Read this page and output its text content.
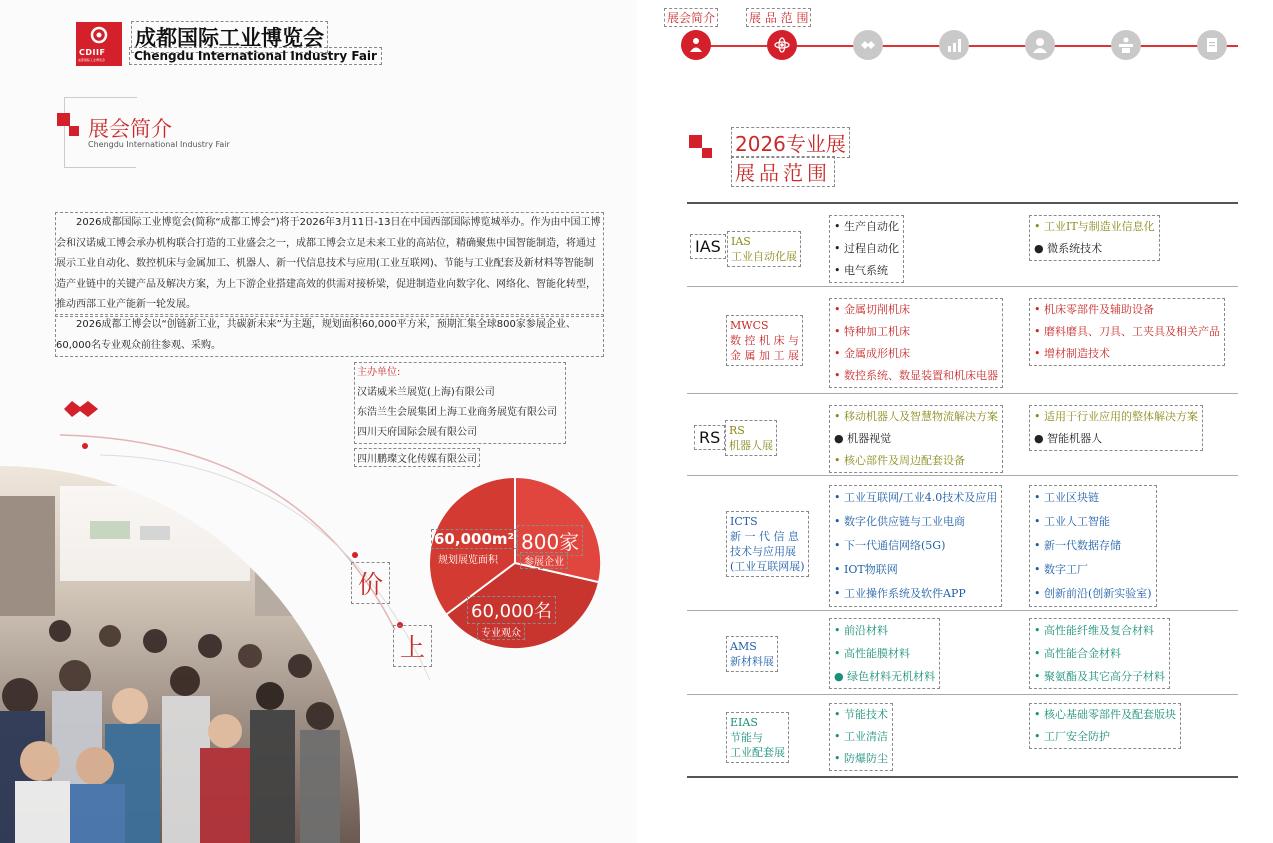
CDIIF
成都国际工业博览会
成都国际工业博览会
Chengdu International Industry Fair
展会简介
Chengdu International Industry Fair
2026成都国际工业博览会(简称“成都工博会”)将于2026年3月11日-13日在中国西部国际博览城举办。作为由中国工博会和汉诺威工博会承办机构联合打造的工业盛会之一，成都工博会立足未来工业的高站位，精确聚焦中国智能制造，将通过展示工业自动化、数控机床与金属加工、机器人、新一代信息技术与应用(工业互联网)、节能与工业配套及新材料等智能制造产业链中的关键产品及解决方案，为上下游企业搭建高效的供需对接桥梁，促进制造业向数字化、网络化、智能化转型，推动西部工业产能新一轮发展。
2026成都工博会以“创链新工业，共碳新未来”为主题，规划面积60,000平方米，预期汇集全球800家参展企业、60,000名专业观众前往参观、采购。
主办单位:
汉诺威米兰展览(上海)有限公司
东浩兰生会展集团上海工业商务展览有限公司
四川天府国际会展有限公司
四川鹏璨文化传媒有限公司
60,000m²
规划展览面积
800家
参展企业
60,000名
专业观众
价
上
展会简介	展 品 范 围
2026专业展
展品范围
IAS IAS
工业自动化展
• 生产自动化
• 过程自动化
• 电气系统
• 工业IT与制造业信息化
● 微系统技术
MWCS
数 控 机 床 与
金 属 加 工 展
• 金属切削机床
• 特种加工机床
• 金属成形机床
• 数控系统、数显装置和机床电器
• 机床零部件及辅助设备
• 磨料磨具、刀具、工夹具及相关产品
• 增材制造技术
RS RS
机器人展
• 移动机器人及智慧物流解决方案
● 机器视觉
• 核心部件及周边配套设备
• 适用于行业应用的整体解决方案
● 智能机器人
ICTS
新 一 代 信 息
技术与应用展
(工业互联网展)
• 工业互联网/工业4.0技术及应用
• 数字化供应链与工业电商
• 下一代通信网络(5G)
• IOT物联网
• 工业操作系统及软件APP
• 工业区块链
• 工业人工智能
• 新一代数据存储
• 数字工厂
• 创新前沿(创新实验室)
AMS
新材料展
• 前沿材料
• 高性能膜材料
● 绿色材料无机材料
• 高性能纤维及复合材料
• 高性能合金材料
• 聚氨酯及其它高分子材料
EIAS
节能与
工业配套展
• 节能技术
• 工业清洁
• 防爆防尘
• 核心基础零部件及配套版块
• 工厂安全防护
